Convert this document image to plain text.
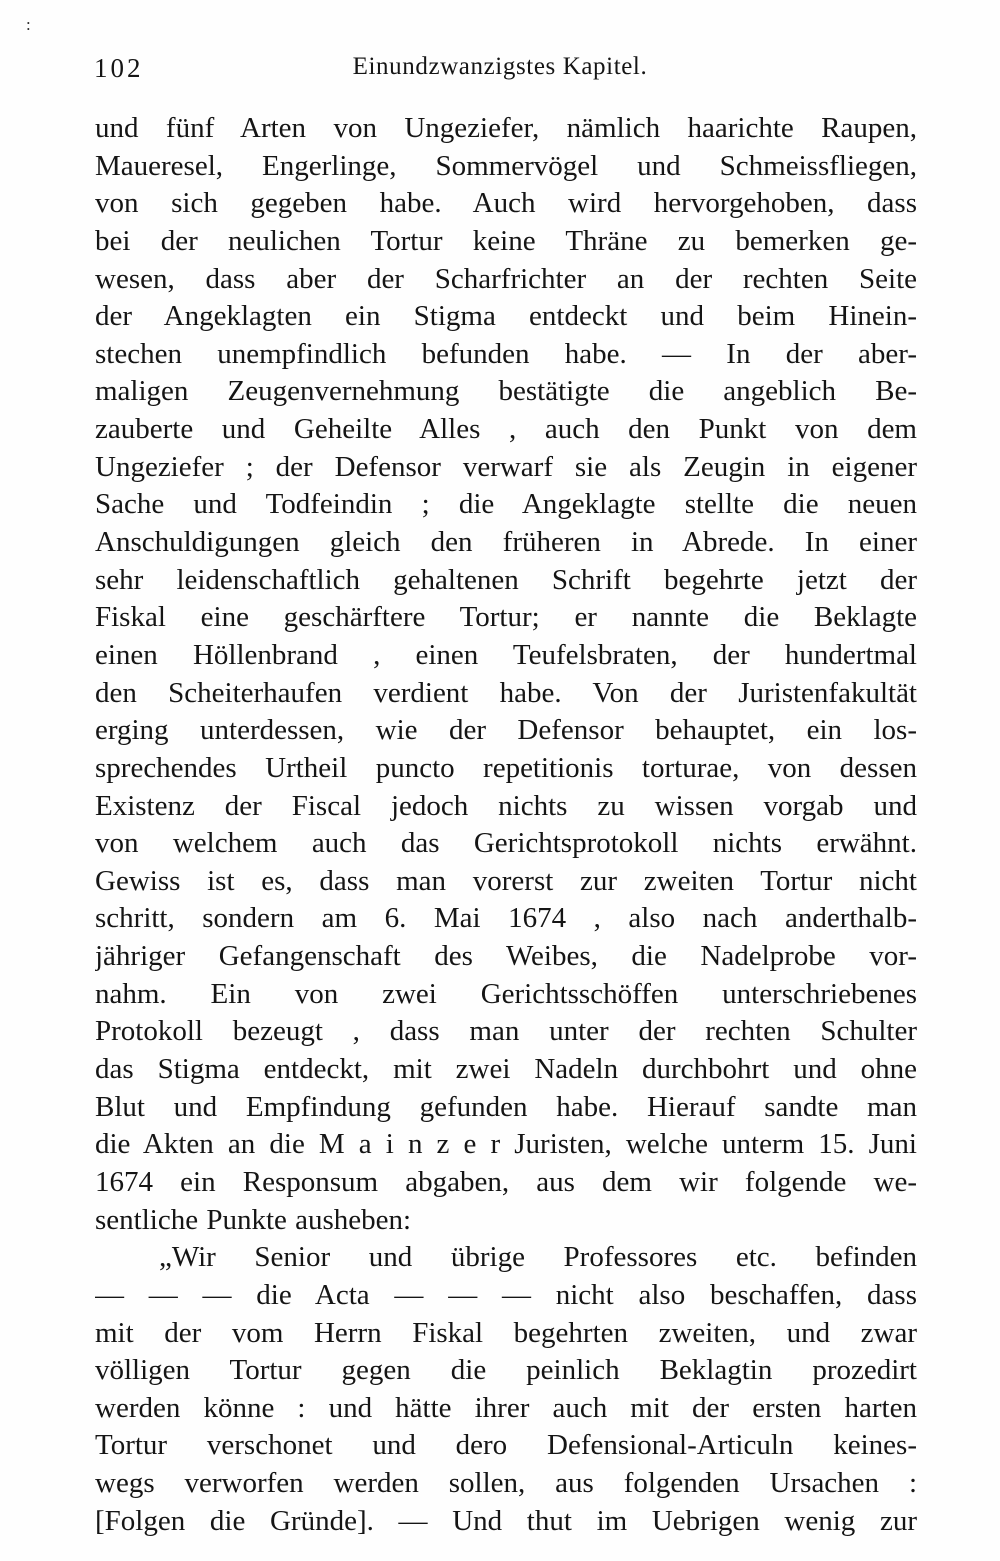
:
102	Einundzwanzigstes Kapitel.
und fünf Arten von Ungeziefer, nämlich haarichte Raupen,
Maueresel, Engerlinge, Sommervögel und Schmeissfliegen,
von sich gegeben habe. Auch wird hervorgehoben, dass
bei der neulichen Tortur keine Thräne zu bemerken ge-
wesen, dass aber der Scharfrichter an der rechten Seite
der Angeklagten ein Stigma entdeckt und beim Hinein-
stechen unempfindlich befunden habe. — In der aber-
maligen Zeugenvernehmung bestätigte die angeblich Be-
zauberte und Geheilte Alles , auch den Punkt von dem
Ungeziefer ; der Defensor verwarf sie als Zeugin in eigener
Sache und Todfeindin ; die Angeklagte stellte die neuen
Anschuldigungen gleich den früheren in Abrede. In einer
sehr leidenschaftlich gehaltenen Schrift begehrte jetzt der
Fiskal eine geschärftere Tortur; er nannte die Beklagte
einen Höllenbrand , einen Teufelsbraten, der hundertmal
den Scheiterhaufen verdient habe. Von der Juristenfakultät
erging unterdessen, wie der Defensor behauptet, ein los-
sprechendes Urtheil puncto repetitionis torturae, von dessen
Existenz der Fiscal jedoch nichts zu wissen vorgab und
von welchem auch das Gerichtsprotokoll nichts erwähnt.
Gewiss ist es, dass man vorerst zur zweiten Tortur nicht
schritt, sondern am 6. Mai 1674 , also nach anderthalb-
jähriger Gefangenschaft des Weibes, die Nadelprobe vor-
nahm. Ein von zwei Gerichtsschöffen unterschriebenes
Protokoll bezeugt , dass man unter der rechten Schulter
das Stigma entdeckt, mit zwei Nadeln durchbohrt und ohne
Blut und Empfindung gefunden habe. Hierauf sandte man
die Akten an die M a i n z e r Juristen, welche unterm 15. Juni
1674 ein Responsum abgaben, aus dem wir folgende we-
sentliche Punkte ausheben:
„Wir Senior und übrige Professores etc. befinden
— — — die Acta — — — nicht also beschaffen, dass
mit der vom Herrn Fiskal begehrten zweiten, und zwar
völligen Tortur gegen die peinlich Beklagtin prozedirt
werden könne : und hätte ihrer auch mit der ersten harten
Tortur verschonet und dero Defensional-Articuln keines-
wegs verworfen werden sollen, aus folgenden Ursachen :
[Folgen die Gründe]. — Und thut im Uebrigen wenig zur
